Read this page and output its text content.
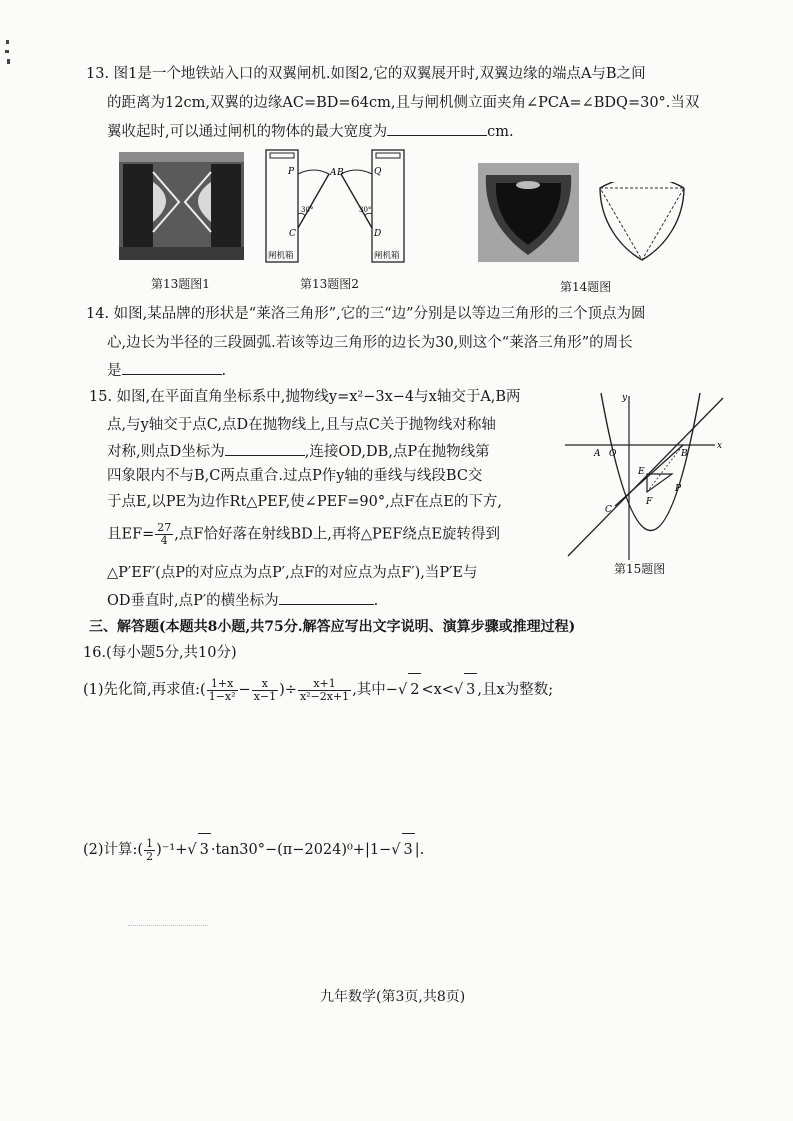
13. 图1是一个地铁站入口的双翼闸机.如图2,它的双翼展开时,双翼边缘的端点A与B之间
的距离为12cm,双翼的边缘AC=BD=64cm,且与闸机侧立面夹角∠PCA=∠BDQ=30°.当双
翼收起时,可以通过闸机的物体的最大宽度为	cm.
第13题图1
P	A B	Q
30°	30°
C	D
闸机箱	闸机箱
第13题图2	第14题图
14. 如图,某品牌的形状是“莱洛三角形”,它的三“边”分别是以等边三角形的三个顶点为圆
心,边长为半径的三段圆弧.若该等边三角形的边长为30,则这个“莱洛三角形”的周长
是	.
15. 如图,在平面直角坐标系中,抛物线y=x²−3x−4与x轴交于A,B两
点,与y轴交于点C,点D在抛物线上,且与点C关于抛物线对称轴
对称,则点D坐标为	,连接OD,DB,点P在抛物线第
四象限内不与B,C两点重合.过点P作y轴的垂线与线段BC交
于点E,以PE为边作Rt△PEF,使∠PEF=90°,点F在点E的下方,
且$EF= \frac{27}{4}$ ,点F恰好落在射线BD上,再将△PEF绕点E旋转得到
△P′EF′(点P的对应点为点P′,点F的对应点为点F′),当P′E与
OD垂直时,点P′的横坐标为	.
y
x
O
A	B
C
E
F
P
第15题图
三、解答题(本题共8小题,共75分.解答应写出文字说明、演算步骤或推理过程)
16.(每小题5分,共10分)
(1)先化简,再求值:( $\frac{1+x}{\text{1−x²}} - \frac{x}{x-1}$ )÷ $\frac{x+1}{\text{x²−2x+1}}$ ,其中−√ 2 <x<√ 3 ,且x为整数;
(2)计算:( $\frac{1}{2} )^{-1}+√$ 3 ·tan30°−(π−2024)⁰+|1−√ 3 |.
九年数学(第3页,共8页)
